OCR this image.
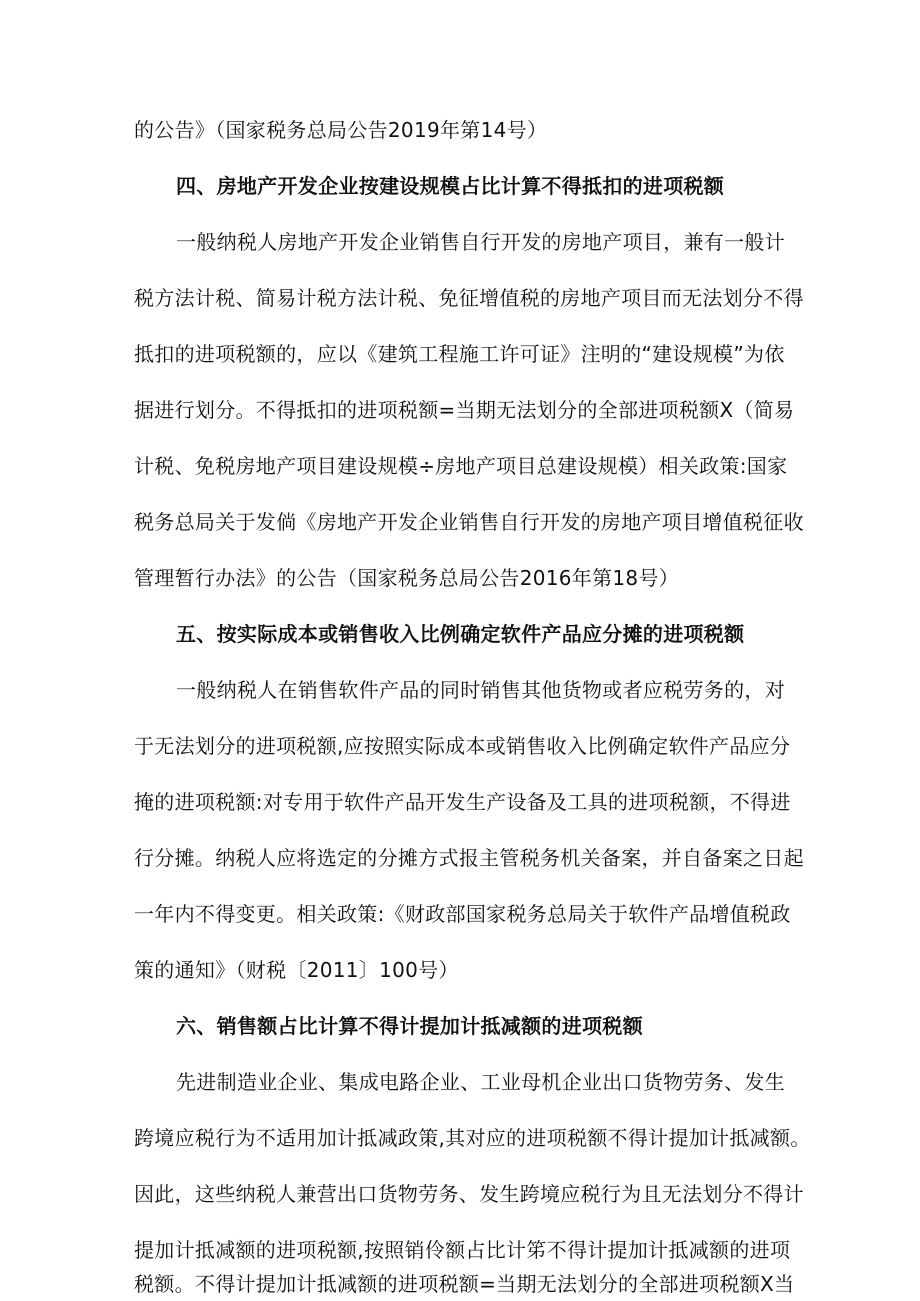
的公告》（国家税务总局公告2019年第14号）
四、房地产开发企业按建设规模占比计算不得抵扣的进项税额
一般纳税人房地产开发企业销售自行开发的房地产项目，兼有一般计
税方法计税、简易计税方法计税、免征增值税的房地产项目而无法划分不得
抵扣的进项税额的，应以《建筑工程施工许可证》注明的“建设规模”为依
据进行划分。不得抵扣的进项税额=当期无法划分的全部进项税额X（简易
计税、免税房地产项目建设规模÷房地产项目总建设规模）相关政策:国家
税务总局关于发倘《房地产开发企业销售自行开发的房地产项目增值税征收
管理暂行办法》的公告（国家税务总局公告2016年第18号）
五、按实际成本或销售收入比例确定软件产品应分摊的进项税额
一般纳税人在销售软件产品的同时销售其他货物或者应税劳务的，对
于无法划分的进项税额,应按照实际成本或销售收入比例确定软件产品应分
掩的进项税额:对专用于软件产品开发生产设备及工具的进项税额，不得进
行分摊。纳税人应将选定的分摊方式报主管税务机关备案，并自备案之日起
一年内不得变更。相关政策:《财政部国家税务总局关于软件产品增值税政
策的通知》（财税〔2011〕100号）
六、销售额占比计算不得计提加计抵减额的进项税额
先进制造业企业、集成电路企业、工业母机企业出口货物劳务、发生
跨境应税行为不适用加计抵减政策,其对应的进项税额不得计提加计抵减额。
因此，这些纳税人兼营出口货物劳务、发生跨境应税行为且无法划分不得计
提加计抵减额的进项税额,按照销伶额占比计笫不得计提加计抵减额的进项
税额。不得计提加计抵减额的进项税额=当期无法划分的全部进项税额X当
